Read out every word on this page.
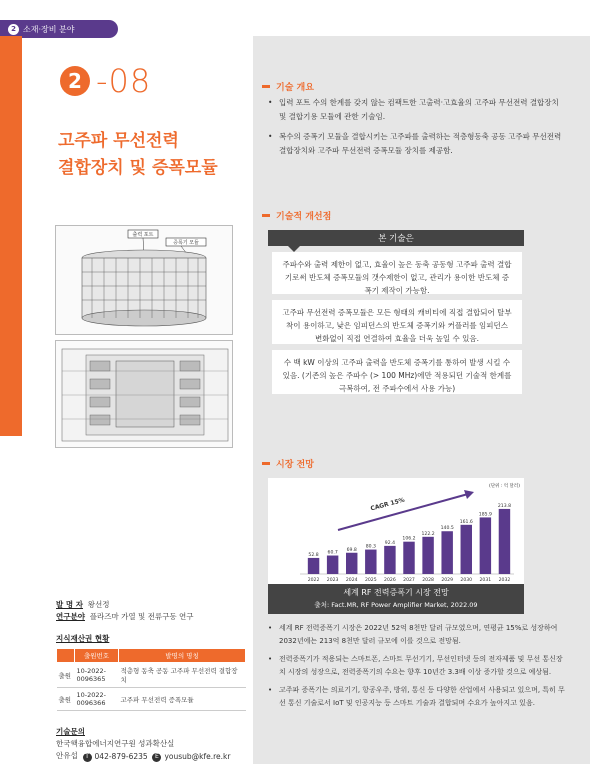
2 소재·장비 분야
2 -08
고주파 무선전력
결합장치 및 증폭모듈
출력 포트
증폭기 모듈
기술 개요
• 입력 포트 수의 한계를 갖지 않는 컴팩트한 고출력·고효율의 고주파 무선전력 결합장치 및 결합기용 모듈에 관한 기술임.
• 복수의 증폭기 모듈을 결합시키는 고주파를 출력하는 적층형동축 공동 고주파 무선전력 결합장치와 고주파 무선전력 증폭모듈 장치를 제공함.
기술적 개선점
본 기술은
주파수와 출력 제한이 없고, 효율이 높은 동축 공동형 고주파 출력 결합기로써 반도체 증폭모듈의 갯수제한이 없고, 관리가 용이한 반도체 증폭기 제작이 가능함.
고주파 무선전력 증폭모듈은 모든 형태의 캐비티에 직접 결합되어 탈부착이 용이하고, 낮은 임피던스의 반도체 증폭기와 커플러를 임피던스 변화없이 직접 연결하여 효율을 더욱 높일 수 있음.
수 백 kW 이상의 고주파 출력을 반도체 증폭기를 통하여 발생 시킬 수 있음. (기존의 높은 주파수 (> 100 MHz)에만 적용되던 기술적 한계를 극복하여, 전 주파수에서 사용 가능)
시장 전망
(단위 : 억 달러)
52.8
2022
60.7
2023
69.8
2024
80.3
2025
92.4
2026
106.2
2027
122.2
2028
140.5
2029
161.6
2030
185.9
2031
213.8
2032
CAGR 15%
세계 RF 전력증폭기 시장 전망
출처: Fact.MR, RF Power Amplifier Market, 2022.09
• 세계 RF 전력증폭기 시장은 2022년 52억 8천만 달러 규모였으며, 연평균 15%로 성장하여 2032년에는 213억 8천만 달러 규모에 이를 것으로 전망됨.
• 전력증폭기가 적용되는 스마트폰, 스마트 무선기기, 무선인터넷 등의 전자제품 및 무선 통신장치 시장의 성장으로, 전력증폭기의 수요는 향후 10년간 3.3배 이상 증가할 것으로 예상됨.
• 고주파 증폭기는 의료기기, 항공우주, 방위, 통신 등 다양한 산업에서 사용되고 있으며, 특히 무선 통신 기술로서 IoT 및 인공지능 등 스마트 기술과 결합되며 수요가 높아지고 있음.
발 명 자 왕선정
연구분야 플라즈마 가열 및 전류구동 연구
지식재산권 현황
	출원번호	발명의 명칭
출원	10-2022-0096365	적층형 동축 공동 고주파 무선전력 결합장치
출원	10-2022-0096366	고주파 무선전력 증폭모듈
기술문의
한국핵융합에너지연구원 성과확산실
안유섭	T 042-879-6235
	E yousub@kfe.re.kr
